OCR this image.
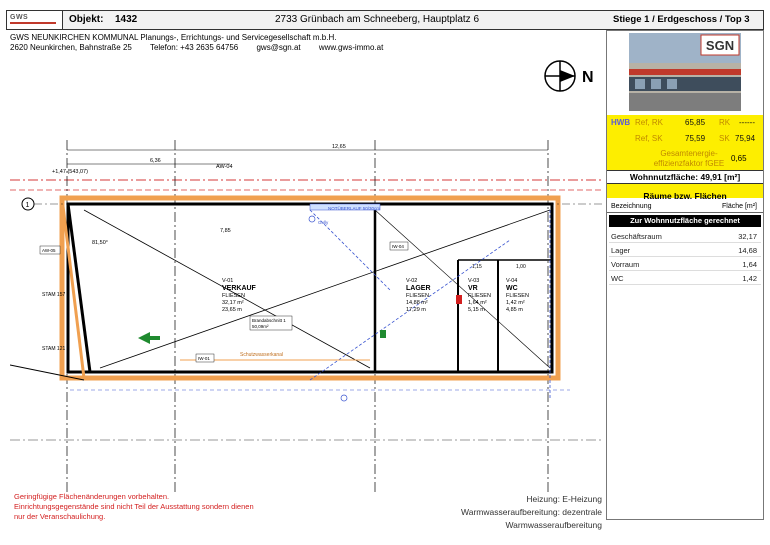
GWS	Objekt: 1432	2733 Grünbach am Schneeberg, Hauptplatz 6	Stiege 1 / Erdgeschoss / Top 3
GWS NEUNKIRCHEN KOMMUNAL Planungs-, Errichtungs- und Servicegesellschaft m.b.H.
2620 Neunkirchen, Bahnstraße 25 Telefon: +43 2635 64756 gws@sgn.at www.gws-immo.at
N
SGN
HWB Ref, RK	65,85 RK ------
Ref, SK	75,59 SK 75,94
Gesamtenergie-effizienzfaktor fGEE
0,65
Wohnnutzfläche: 49,91 [m²]
Räume bzw. Flächen
Bezeichnung	Fläche [m²]
Zur Wohnnutzfläche gerechnet
Geschäftsraum	32,17
Lager	14,68
Vorraum	1,64
WC	1,42
12,65
6,36
+1,47 (543,07)
AW-04
1	NOTÜBERLAUF 50/30cm
Schutzwasserkanal
V-01
VERKAUF
FLIESEN
32,17 m²
23,65 m
V-02
LAGER
FLIESEN
14,88 m²
17,29 m
V-03
VR
FLIESEN
1,64 m²
5,15 m
V-04
WC
FLIESEN
1,42 m²
4,85 m
7,85
1,15	1,00
81,50°
IW-04
IW-01
AW-05
Brandabschnitt 1
50,09m²
STAM 157
STAM 121
Gully
Geringfügige Flächenänderungen vorbehalten.
Einrichtungsgegenstände sind nicht Teil der Ausstattung sondern dienen nur der Veranschaulichung.
Heizung: E-Heizung
Warmwasseraufbereitung: dezentrale Warmwasseraufbereitung
